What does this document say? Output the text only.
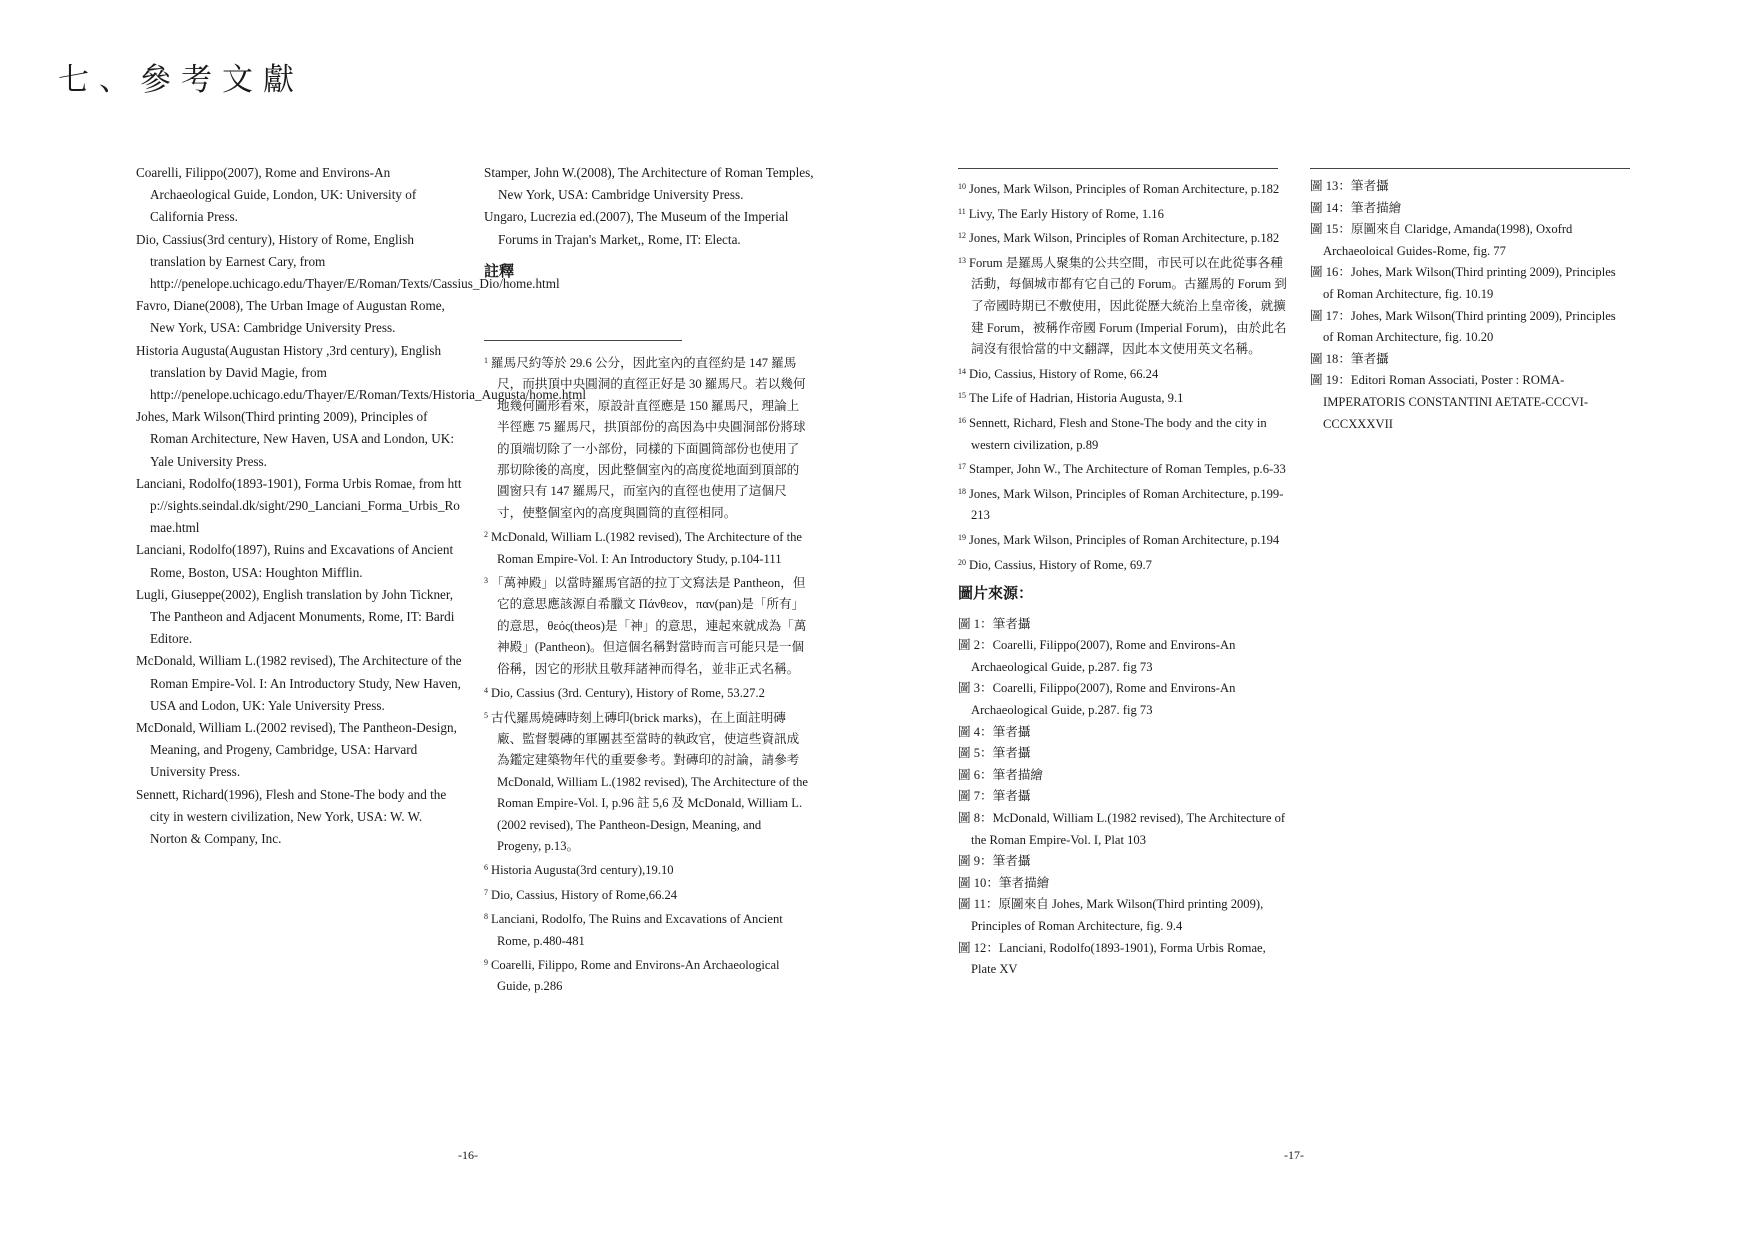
七、參考文獻
Coarelli, Filippo(2007), Rome and Environs-An Archaeological Guide, London, UK: University of California Press.
Dio, Cassius(3rd century), History of Rome, English translation by Earnest Cary, from http://penelope.uchicago.edu/Thayer/E/Roman/Texts/Cassius_Dio/home.html
Favro, Diane(2008), The Urban Image of Augustan Rome, New York, USA: Cambridge University Press.
Historia Augusta(Augustan History ,3rd century), English translation by David Magie, from http://penelope.uchicago.edu/Thayer/E/Roman/Texts/Historia_Augusta/home.html
Johes, Mark Wilson(Third printing 2009), Principles of Roman Architecture, New Haven, USA and London, UK: Yale University Press.
Lanciani, Rodolfo(1893-1901), Forma Urbis Romae, from http://sights.seindal.dk/sight/290_Lanciani_Forma_Urbis_Romae.html
Lanciani, Rodolfo(1897), Ruins and Excavations of Ancient Rome, Boston, USA: Houghton Mifflin.
Lugli, Giuseppe(2002), English translation by John Tickner, The Pantheon and Adjacent Monuments, Rome, IT: Bardi Editore.
McDonald, William L.(1982 revised), The Architecture of the Roman Empire-Vol. I: An Introductory Study, New Haven, USA and Lodon, UK: Yale University Press.
McDonald, William L.(2002 revised), The Pantheon-Design, Meaning, and Progeny, Cambridge, USA: Harvard University Press.
Sennett, Richard(1996), Flesh and Stone-The body and the city in western civilization, New York, USA: W. W. Norton & Company, Inc.
Stamper, John W.(2008), The Architecture of Roman Temples, New York, USA: Cambridge University Press.
Ungaro, Lucrezia ed.(2007), The Museum of the Imperial Forums in Trajan's Market,, Rome, IT: Electa.
註釋
$^1$ 羅馬尺約等於 29.6 公分，因此室內的直徑約是 147 羅馬尺，而拱頂中央圓洞的直徑正好是 30 羅馬尺。若以幾何地幾何圖形看來，原設計直徑應是 150 羅馬尺，理論上半徑應 75 羅馬尺，拱頂部份的高因為中央圓洞部份將球的頂端切除了一小部份，同樣的下面圓筒部份也使用了那切除後的高度，因此整個室內的高度從地面到頂部的圓窗只有 147 羅馬尺，而室內的直徑也使用了這個尺寸，使整個室內的高度與圓筒的直徑相同。
$^2$ McDonald, William L.(1982 revised), The Architecture of the Roman Empire-Vol. I: An Introductory Study, p.104-111
$^3$ 「萬神殿」以當時羅馬官語的拉丁文寫法是 Pantheon，但它的意思應該源自希臘文 Πάνθεον，παν(pan)是「所有」的意思，θεός(theos)是「神」的意思，連起來就成為「萬神殿」(Pantheon)。但這個名稱對當時而言可能只是一個俗稱，因它的形狀且敬拜諸神而得名，並非正式名稱。
$^4$ Dio, Cassius (3rd. Century), History of Rome, 53.27.2
$^5$ 古代羅馬燒磚時刻上磚印(brick marks)，在上面註明磚廠、監督製磚的軍團甚至當時的執政官，使這些資訊成為鑑定建築物年代的重要參考。對磚印的討論，請參考 McDonald, William L.(1982 revised), The Architecture of the Roman Empire-Vol. I, p.96 註 5,6 及 McDonald, William L.(2002 revised), The Pantheon-Design, Meaning, and Progeny, p.13。
$^6$ Historia Augusta(3rd century),19.10
$^7$ Dio, Cassius, History of Rome,66.24
$^8$ Lanciani, Rodolfo, The Ruins and Excavations of Ancient Rome, p.480-481
$^9$ Coarelli, Filippo, Rome and Environs-An Archaeological Guide, p.286
-16-
$^{10}$ Jones, Mark Wilson, Principles of Roman Architecture, p.182
$^{11}$ Livy, The Early History of Rome, 1.16
$^{12}$ Jones, Mark Wilson, Principles of Roman Architecture, p.182
$^{13}$ Forum 是羅馬人聚集的公共空間，市民可以在此從事各種活動，每個城市都有它自己的 Forum。古羅馬的 Forum 到了帝國時期已不敷使用，因此從歷大統治上皇帝後，就擴建 Forum，被稱作帝國 Forum (Imperial Forum)，由於此名詞沒有很恰當的中文翻譯，因此本文使用英文名稱。
$^{14}$ Dio, Cassius, History of Rome, 66.24
$^{15}$ The Life of Hadrian, Historia Augusta, 9.1
$^{16}$ Sennett, Richard, Flesh and Stone-The body and the city in western civilization, p.89
$^{17}$ Stamper, John W., The Architecture of Roman Temples, p.6-33
$^{18}$ Jones, Mark Wilson, Principles of Roman Architecture, p.199-213
$^{19}$ Jones, Mark Wilson, Principles of Roman Architecture, p.194
$^{20}$ Dio, Cassius, History of Rome, 69.7
圖片來源：
圖 1：筆者攝
圖 2：Coarelli, Filippo(2007), Rome and Environs-An Archaeological Guide, p.287. fig 73
圖 3：Coarelli, Filippo(2007), Rome and Environs-An Archaeological Guide, p.287. fig 73
圖 4：筆者攝
圖 5：筆者攝
圖 6：筆者描繪
圖 7：筆者攝
圖 8：McDonald, William L.(1982 revised), The Architecture of the Roman Empire-Vol. I, Plat 103
圖 9：筆者攝
圖 10：筆者描繪
圖 11：原圖來自 Johes, Mark Wilson(Third printing 2009), Principles of Roman Architecture, fig. 9.4
圖 12：Lanciani, Rodolfo(1893-1901), Forma Urbis Romae, Plate XV
圖 13：筆者攝
圖 14：筆者描繪
圖 15：原圖來自 Claridge, Amanda(1998), Oxofrd Archaeoloical Guides-Rome, fig. 77
圖 16：Johes, Mark Wilson(Third printing 2009), Principles of Roman Architecture, fig. 10.19
圖 17：Johes, Mark Wilson(Third printing 2009), Principles of Roman Architecture, fig. 10.20
圖 18：筆者攝
圖 19：Editori Roman Associati, Poster : ROMA-IMPERATORIS CONSTANTINI AETATE-CCCVI-CCCXXXVII
-17-
